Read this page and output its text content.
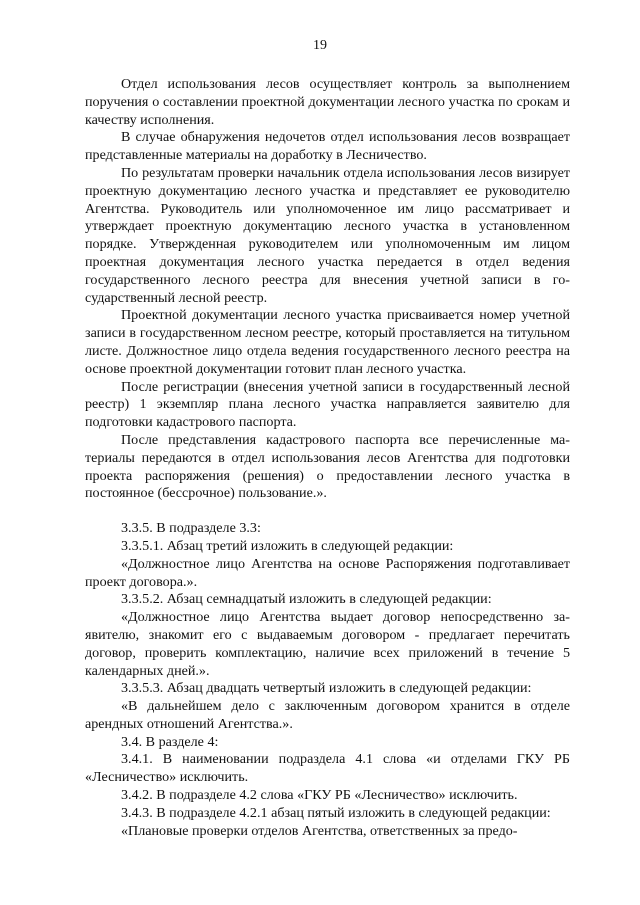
19

Отдел использования лесов осуществляет контроль за выполнением поручения о составлении проектной документации лесного участка по срокам и качеству исполнения.

В случае обнаружения недочетов отдел использования лесов возвращает представленные материалы на доработку в Лесничество.

По результатам проверки начальник отдела использования лесов визирует проектную документацию лесного участка и представляет ее руководителю Агентства. Руководитель или уполномоченное им лицо рассматривает и утверждает проектную документацию лесного участка в установленном порядке. Утвержденная руководителем или уполномоченным им лицом проектная документация лесного участка передается в отдел ведения государственного лесного реестра для внесения учетной записи в государственный лесной реестр.

Проектной документации лесного участка присваивается номер учетной записи в государственном лесном реестре, который проставляется на титульном листе. Должностное лицо отдела ведения государственного лесного реестра на основе проектной документации готовит план лесного участка.

После регистрации (внесения учетной записи в государственный лесной реестр) 1 экземпляр плана лесного участка направляется заявителю для подготовки кадастрового паспорта.

После представления кадастрового паспорта все перечисленные материалы передаются в отдел использования лесов Агентства для подготовки проекта распоряжения (решения) о предоставлении лесного участка в постоянное (бессрочное) пользование.».

3.3.5. В подразделе 3.3:

3.3.5.1. Абзац третий изложить в следующей редакции:

«Должностное лицо Агентства на основе Распоряжения подготавливает проект договора.».

3.3.5.2. Абзац семнадцатый изложить в следующей редакции:

«Должностное лицо Агентства выдает договор непосредственно заявителю, знакомит его с выдаваемым договором - предлагает перечитать договор, проверить комплектацию, наличие всех приложений в течение 5 календарных дней.».

3.3.5.3. Абзац двадцать четвертый изложить в следующей редакции:

«В дальнейшем дело с заключенным договором хранится в отделе арендных отношений Агентства.».

3.4. В разделе 4:

3.4.1. В наименовании подраздела 4.1 слова «и отделами ГКУ РБ «Лесничество» исключить.

3.4.2. В подразделе 4.2 слова «ГКУ РБ «Лесничество» исключить.

3.4.3. В подразделе 4.2.1 абзац пятый изложить в следующей редакции:

«Плановые проверки отделов Агентства, ответственных за предо-
